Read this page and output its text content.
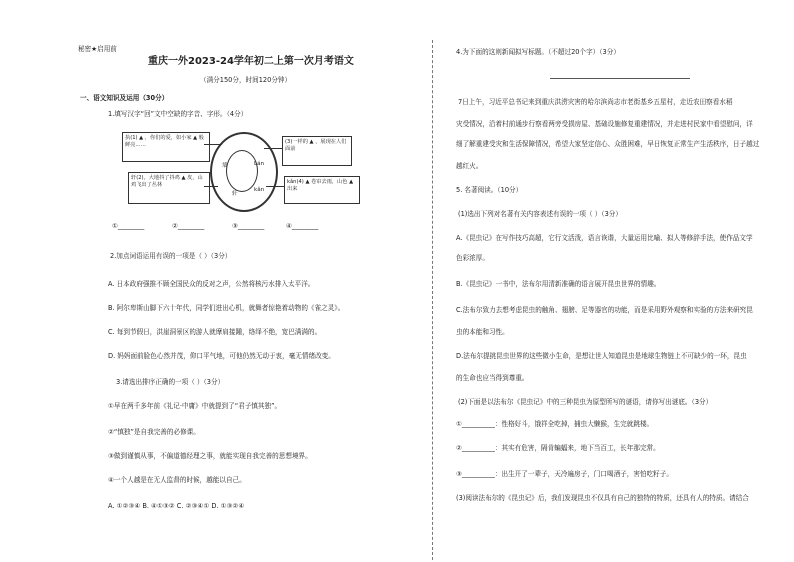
秘密★启用前
重庆一外2023-24学年初二上第一次月考语文
（满分150分，时间120分钟）
一、语文知识及运用（30分）
1.填写汉字“回”文中空缺的字音、字形。（4分）
执(1) ▲ ，你们的爱，如小家 ▲ 般鲜亮……
轩(2)，大地抖了抖鸡 ▲ 皮，山鸡飞出了丛林
(3)一样的 ▲ ，展现在人们面前
kǎn(4) ▲ 卷帘去雨，山色 ▲ 出来
墙	Lán
轩
kǎn
①________	②________	③________	④________
2.加点词语运用有误的一项是（ ）（3分）
A. 日本政府强推不顾全国民众的反对之声，公然将核污水排入太平洋。
B. 阿尔卑斯山脚下六十年代，同学们进出心机，就舞者惊艳着动物的《雀之灵》。
C. 每到节假日，洪崖洞景区的游人就摩肩接踵，络绎不绝，宽巴满满的。
D. 妈妈面前脸色心然并茂，仰口平气地，可他仍然无动于衷，毫无情绪改变。
3.请选出排序正确的一项（ ）（3分）
①早在两千多年前《礼记·中庸》中就提到了“君子慎其独”。
②“慎独”是自我完善的必修课。
③做到谨慎从事，不偏道德经理之事，就能实现自我完善的思想境界。
④一个人越是在无人监督的时候，越能以自己。
A. ①②③④ B. ④①③② C. ②③④① D. ①③②④
4.为下面的这则新闻拟写标题。（不超过20个字）（3分）
7日上午，习近平总书记来到重庆洪涝灾害的哈尔滨尚志市老街基乡五星村，走近农田察看水稻
灾受情况，沿着村前通步行察看两旁受损房屋、基础设施修复重建情况，并走进村民家中看望慰问，详
细了解重建受灾和生活保障情况，希望大家坚定信心、众胜困难，早日恢复正常生产生活秩序，日子越过
越红火。
5. 名著阅读。（10分）
(1)选出下列对名著有关内容表述有误的一项（ ）（3分）
A.《昆虫记》在写作技巧高超，它行文活泼，语言诙谐，大量运用比喻、拟人等修辞手法，使作品文学
色彩浓厚。
B.《昆虫记》一书中，法布尔用清新准确的语言展开昆虫世界的情趣。
C.法布尔致力去想考虑昆虫的触角、翅膀、足等器官的功能，而是采用野外观察和实验的方法来研究昆
虫的本能和习性。
D.法布尔提挑昆虫世界的这些微小生命，是想让世人知道昆虫是地球生物链上不可缺少的一环，昆虫
的生命也应当得到尊重。
(2)下面是以法布尔《昆虫记》中的三种昆虫为原型所写的谜语，请你写出谜底。（3分）
①__________：性格好斗，饿祥全吃掉，捕虫大懒猴，生完就跳楼。
②__________：其实有危害，隔肯蝙蝠来，地下当百工，长年那完常。
③__________：出生开了一辈子，天冷遍房子，门口喝酒子，害怕吃籽子。
(3)阅读法布尔的《昆虫记》后，我们发现昆虫不仅具有自己的独特的特质，还具有人的特质。请结合
